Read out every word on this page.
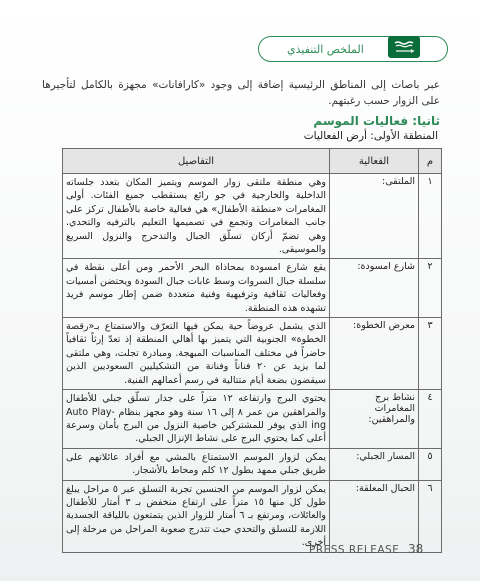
الملخص التنفيذي

عبر باصات إلى المناطق الرئيسية إضافة إلى وجود «كارافانات» مجهزة بالكامل لتأجيرها على الزوار حسب رغبتهم.

ثانيا: فعاليات الموسم
المنطقة الأولى: أرض الفعاليات
م	الفعالية	التفاصيل
١	الملتقى:	وهي منطقة ملتقى زوار الموسم ويتميز المكان بتعدد جلساته الداخلية والخارجية في جو رائع يستقطب جميع الفئات. أولى المغامرات «منطقة الأطفال» هي فعالية خاصة بالأطفال تركز على جانب المغامرات وتجمع في تصميمها التعليم بالترفيه والتحدي. وهي تضمّ أركان تسلّق الجبال والتدحرج والنزول السريع والموسيقى.
٢	شارع امسودة:	يقع شارع امسودة بمحاذاة البحر الأحمر ومن أعلى نقطة في سلسلة جبال السروات وسط غابات جبال السودة ويحتضن أمسيات وفعاليات ثقافية وترفيهية وفنية متعددة ضمن إطار موسم فريد تشهده هذه المنطقة.
٣	معرض الخطوة:	الذي يشمل عروضاً حية يمكن فيها التعرّف والاستمتاع بـ«رقصة الخطوة» الجنوبية التي يتميز بها أهالي المنطقة إذ تعدّ إرثاً ثقافياً حاضراً في مختلف المناسبات المبهجة. ومبادرة تجلت، وهي ملتقى لما يزيد عن ٢٠ فناناً وفنانة من التشكيليين السعوديين الذين سيقضون بضعة أيام متتالية في رسم أعمالهم الفنية.
٤	نشاط برج المغامرات والمراهقين:	يحتوي البرج وارتفاعه ١٢ متراً على جدار تسلّق جبلي للأطفال والمراهقين من عمر ٨ إلى ١٦ سنة وهو مجهز بنظام Auto Play-ing الذي يوفر للمشتركين خاصية النزول من البرج بأمان وسرعة أعلى كما يحتوي البرج على نشاط الإنزال الجبلي.
٥	المسار الجبلي:	يمكن لزوار الموسم الاستمتاع بالمشي مع أفراد عائلاتهم على طريق جبلي ممهد بطول ١٢ كلم ومحاط بالأشجار.
٦	الحبال المعلقة:	يمكن لزوار الموسم من الجنسين تجربة التسلق عبر ٥ مراحل يبلغ طول كل منها ١٥ متراً على ارتفاع منخفض بـ ٣ أمتار للأطفال والعائلات، ومرتفع بـ ٦ أمتار للزوار الذين يتمتعون باللياقة الجسدية اللازمة للتسلق والتحدي حيث تتدرج صعوبة المراحل من مرحلة إلى أخرى.
PRESS RELEASE 38
